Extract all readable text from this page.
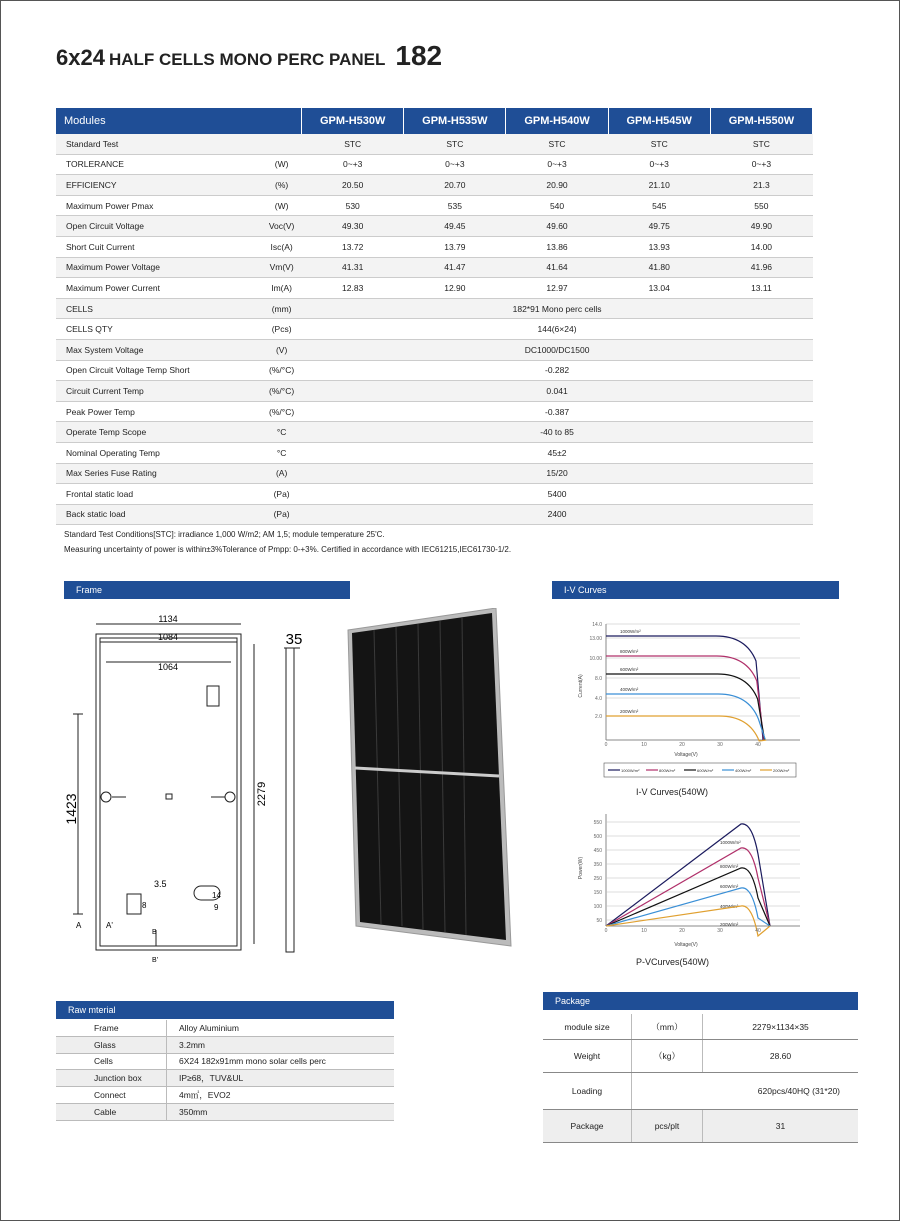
6x24 HALF CELLS MONO PERC PANEL 182
Modules		GPM-H530W	GPM-H535W	GPM-H540W	GPM-H545W	GPM-H550W
Standard Test		STC	STC	STC	STC	STC
TORLERANCE	(W)	0~+3	0~+3	0~+3	0~+3	0~+3
EFFICIENCY	(%)	20.50	20.70	20.90	21.10	21.3
Maximum Power Pmax	(W)	530	535	540	545	550
Open Circuit Voltage	Voc(V)	49.30	49.45	49.60	49.75	49.90
Short Cuit Current	Isc(A)	13.72	13.79	13.86	13.93	14.00
Maximum Power Voltage	Vm(V)	41.31	41.47	41.64	41.80	41.96
Maximum Power Current	Im(A)	12.83	12.90	12.97	13.04	13.11
CELLS	(mm)	182*91 Mono perc cells				
CELLS QTY	(Pcs)	144(6×24)				
Max System Voltage	(V)	DC1000/DC1500				
Open Circuit Voltage Temp Short	(%/°C)	-0.282				
Circuit Current Temp	(%/°C)	0.041				
Peak Power Temp	(%/°C)	-0.387				
Operate Temp Scope	°C	-40 to 85				
Nominal Operating Temp	°C	45±2				
Max Series Fuse Rating	(A)	15/20				
Frontal static load	(Pa)	5400				
Back static load	(Pa)	2400				
Standard Test Conditions[STC]: irradiance 1,000 W/m2; AM 1,5; module temperature 25'C.
Measuring uncertainty of power is within±3%Tolerance of Pmpp: 0-+3%. Certified in accordance with IEC61215,IEC61730-1/2.
Frame	I-V Curves
1134
1084
1064
1423	2279
35
3.5
8
14
9
A	A'
B
B'
Current(A)
Voltage(V)
1000W/m²
800W/m²
600W/m²
400W/m²
200W/m²
1000W/m²	800W/m²	600W/m²	400W/m²	200W/m²
Power(W)
Voltage(V)
1000W/m²
800W/m²
600W/m²
400W/m²
200W/m²
14.0
13.00
10.00
8.0
4.0
2.0
0
0
10
10
20
20
30
30
40
40
550
500
450
350
250
150
100
50
I-V Curves(540W)
P-VCurves(540W)
Raw mterial
Frame	Alloy Aluminium
Glass	3.2mm
Cells	6X24 182x91mm mono solar cells perc
Junction box	IP≥68，TUV&UL
Connect	4m㎡，EVO2
Cable	350mm
Package
module size	（mm）	2279×1134×35
Weight	（kg）	28.60
Loading	620pcs/40HQ (31*20)	
Package	pcs/plt	31
